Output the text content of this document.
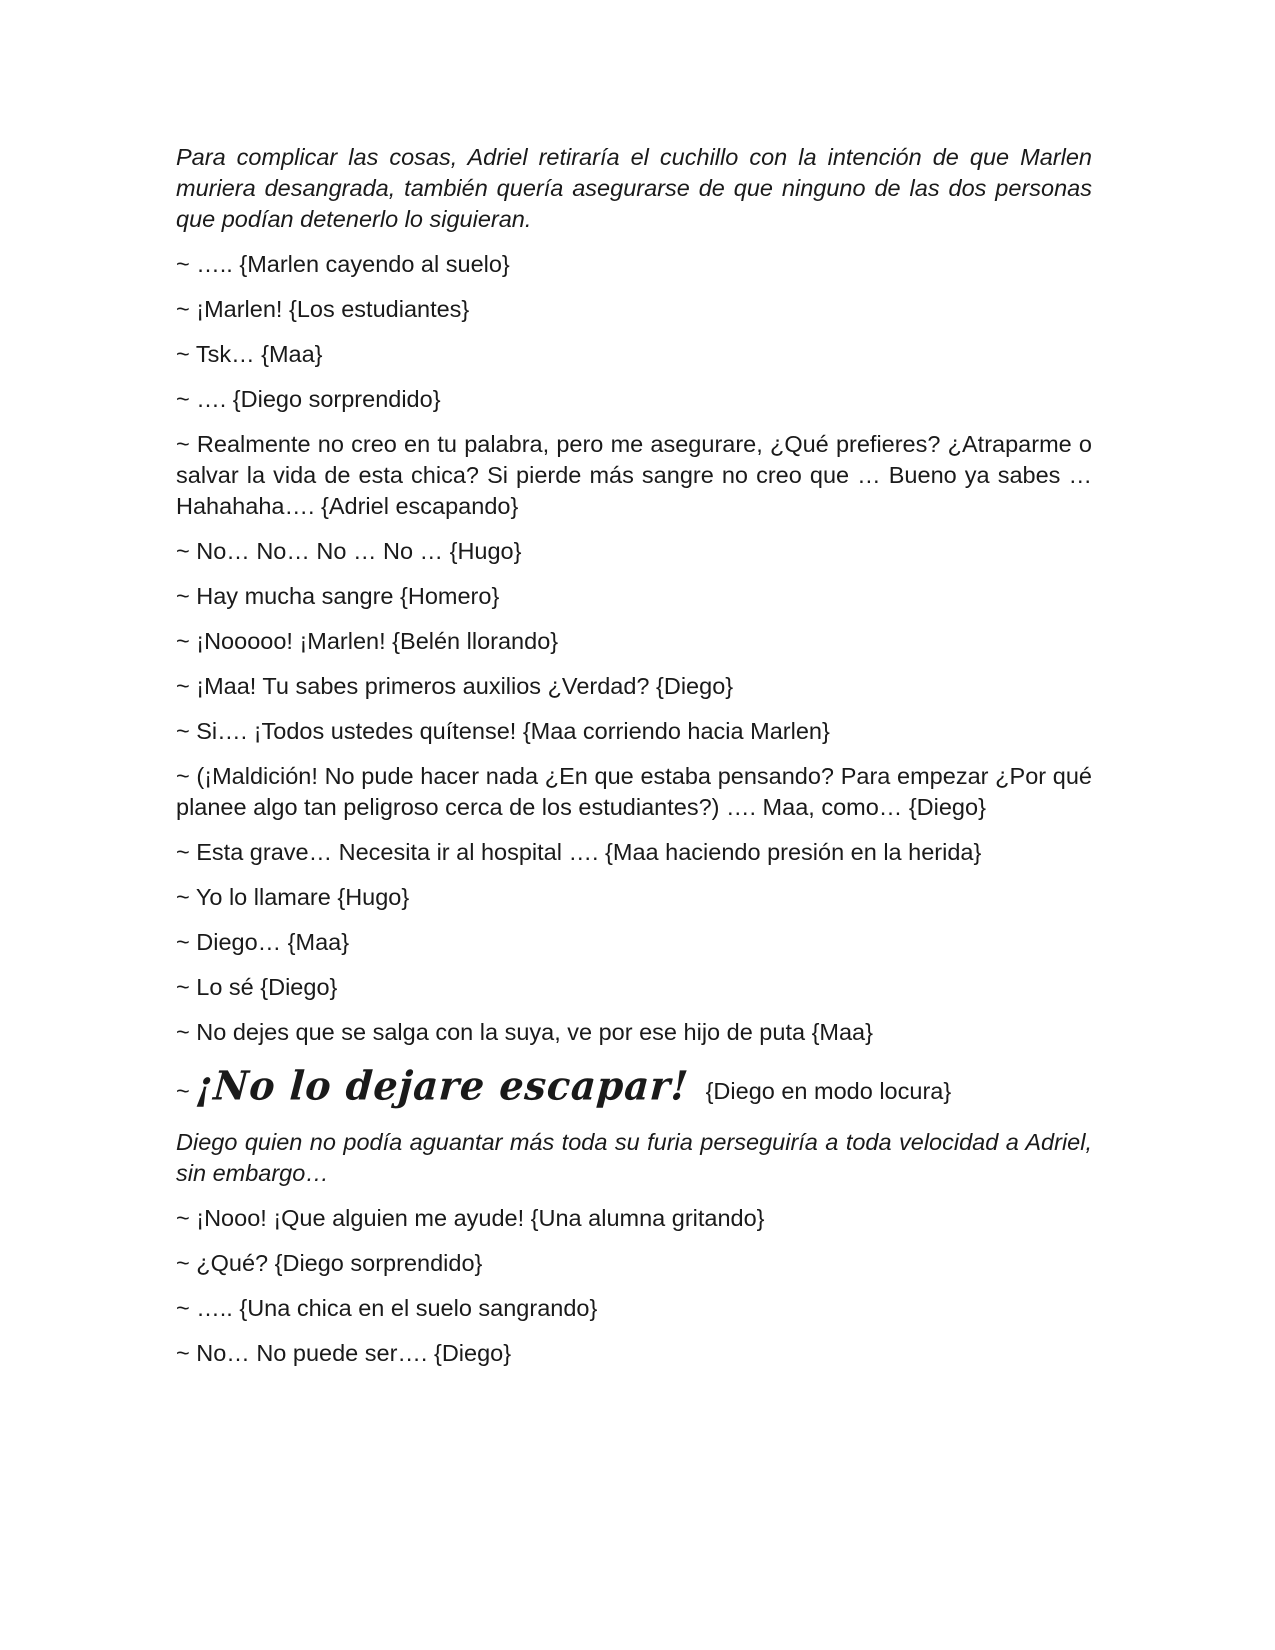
Para complicar las cosas, Adriel retiraría el cuchillo con la intención de que Marlen muriera desangrada, también quería asegurarse de que ninguno de las dos personas que podían detenerlo lo siguieran.

~ ….. {Marlen cayendo al suelo}

~ ¡Marlen! {Los estudiantes}

~ Tsk… {Maa}

~ …. {Diego sorprendido}

~ Realmente no creo en tu palabra, pero me asegurare, ¿Qué prefieres? ¿Atraparme o salvar la vida de esta chica? Si pierde más sangre no creo que … Bueno ya sabes … Hahahaha…. {Adriel escapando}

~ No… No… No … No … {Hugo}

~ Hay mucha sangre {Homero}

~ ¡Nooooo! ¡Marlen! {Belén llorando}

~ ¡Maa! Tu sabes primeros auxilios ¿Verdad? {Diego}

~ Si…. ¡Todos ustedes quítense! {Maa corriendo hacia Marlen}

~ (¡Maldición! No pude hacer nada ¿En que estaba pensando? Para empezar ¿Por qué planee algo tan peligroso cerca de los estudiantes?) …. Maa, como… {Diego}

~ Esta grave… Necesita ir al hospital …. {Maa haciendo presión en la herida}

~ Yo lo llamare {Hugo}

~ Diego… {Maa}

~ Lo sé {Diego}

~ No dejes que se salga con la suya, ve por ese hijo de puta {Maa}

~ ¡No lo dejare escapar! {Diego en modo locura}

Diego quien no podía aguantar más toda su furia perseguiría a toda velocidad a Adriel, sin embargo…

~ ¡Nooo! ¡Que alguien me ayude! {Una alumna gritando}

~ ¿Qué? {Diego sorprendido}

~ ….. {Una chica en el suelo sangrando}

~ No… No puede ser…. {Diego}
